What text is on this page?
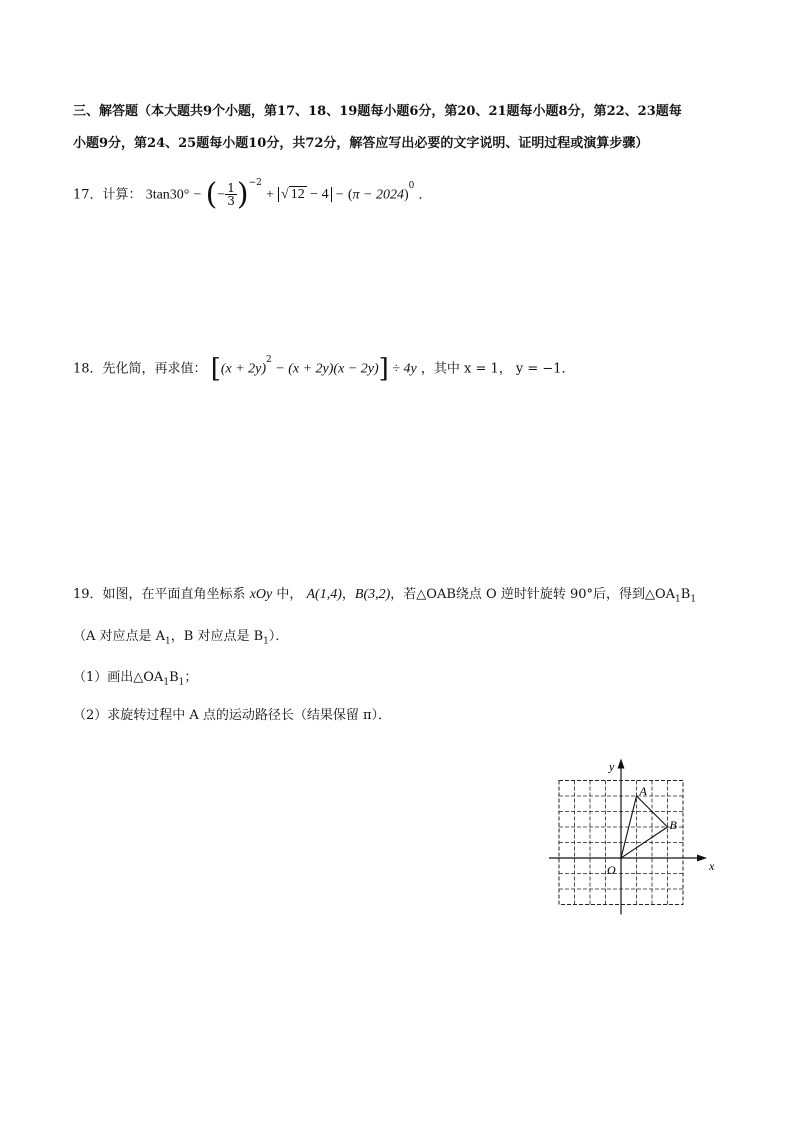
三、解答题（本大题共9个小题，第17、18、19题每小题6分，第20、21题每小题8分，第22、23题每
小题9分，第24、25题每小题10分，共72分，解答应写出必要的文字说明、证明过程或演算步骤）
17．计算： 3tan30° − (− $\frac{1}{3} )^{-2}$ + √ $12 - 4 - (\pi - 2024)^0$ ．
18．先化简，再求值： $[(x + 2y)^2 - (x + 2y)(x - 2y)] \div 4y$ ，其中 x = 1， y = −1．
19．如图，在平面直角坐标系 xOy 中， A(1,4)，B(3,2)，若△OAB绕点 O 逆时针旋转 90°后，得到$\triangle OA_1B_1$
（A 对应点是 $A_1$，B 对应点是 $B_1$）．
（1）画出$\triangle OA_1B_1$；
（2）求旋转过程中 A 点的运动路径长（结果保留 π）．
y
x
O
A
B
